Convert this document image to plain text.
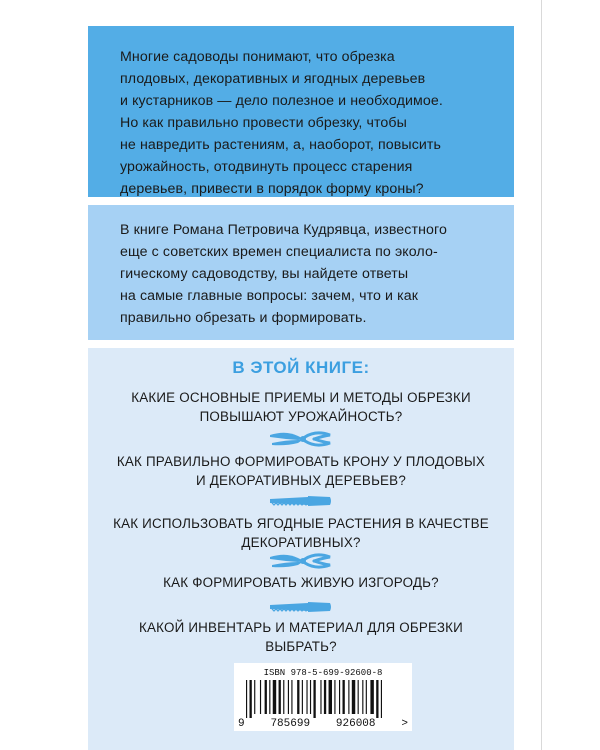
Многие садоводы понимают, что обрезка
плодовых, декоративных и ягодных деревьев
и кустарников — дело полезное и необходимое.
Но как правильно провести обрезку, чтобы
не навредить растениям, а, наоборот, повысить
урожайность, отодвинуть процесс старения
деревьев, привести в порядок форму кроны?

В книге Романа Петровича Кудрявца, известного
еще с советских времен специалиста по эколо-
гическому садоводству, вы найдете ответы
на самые главные вопросы: зачем, что и как
правильно обрезать и формировать.

В ЭТОЙ КНИГЕ:
КАКИЕ ОСНОВНЫЕ ПРИЕМЫ И МЕТОДЫ ОБРЕЗКИ
ПОВЫШАЮТ УРОЖАЙНОСТЬ?
КАК ПРАВИЛЬНО ФОРМИРОВАТЬ КРОНУ У ПЛОДОВЫХ
И ДЕКОРАТИВНЫХ ДЕРЕВЬЕВ?
КАК ИСПОЛЬЗОВАТЬ ЯГОДНЫЕ РАСТЕНИЯ В КАЧЕСТВЕ
ДЕКОРАТИВНЫХ?
КАК ФОРМИРОВАТЬ ЖИВУЮ ИЗГОРОДЬ?
КАКОЙ ИНВЕНТАРЬ И МАТЕРИАЛ ДЛЯ ОБРЕЗКИ
ВЫБРАТЬ?
ISBN 978-5-699-92600-8
9 785699 926008 >
